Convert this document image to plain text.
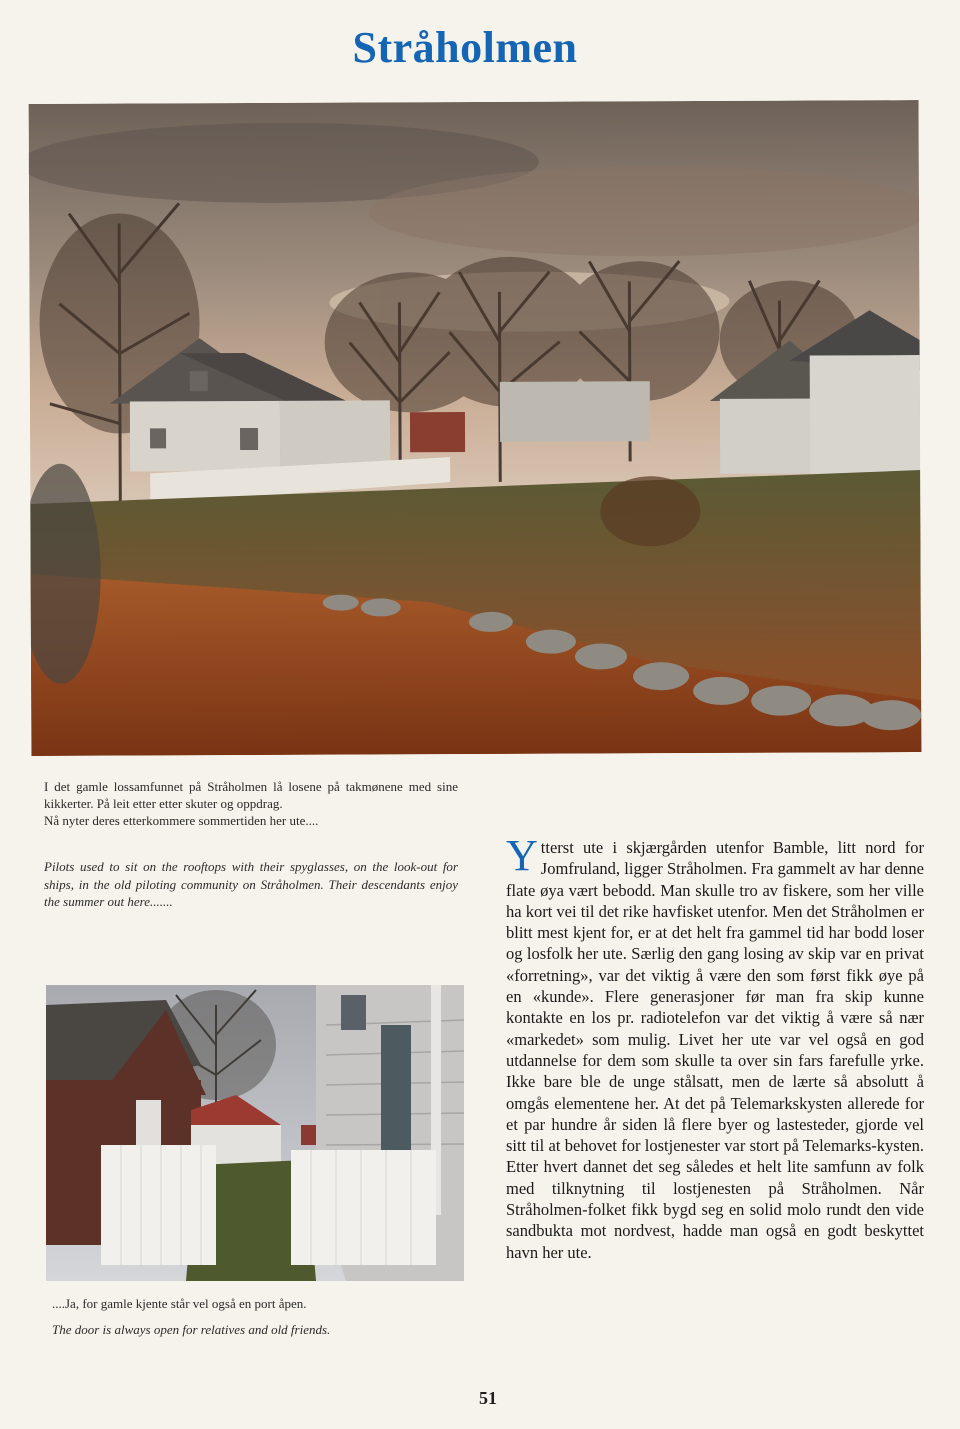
Stråholmen
I det gamle lossamfunnet på Stråholmen lå losene på takmønene med sine kikkerter. På leit etter etter skuter og oppdrag.
Nå nyter deres etterkommere sommertiden her ute....
Pilots used to sit on the rooftops with their spyglasses, on the look-out for ships, in the old piloting community on Stråholmen. Their descendants enjoy the summer out here.......
....Ja, for gamle kjente står vel også en port åpen.
The door is always open for relatives and old friends.
Ytterst ute i skjærgården utenfor Bamble, litt nord for Jomfruland, ligger Stråholmen. Fra gammelt av har denne flate øya vært bebodd. Man skulle tro av fiskere, som her ville ha kort vei til det rike havfisket utenfor. Men det Stråholmen er blitt mest kjent for, er at det helt fra gammel tid har bodd loser og losfolk her ute. Særlig den gang losing av skip var en privat «forretning», var det viktig å være den som først fikk øye på en «kunde». Flere generasjoner før man fra skip kunne kontakte en los pr. radiotelefon var det viktig å være så nær «markedet» som mulig. Livet her ute var vel også en god utdannelse for dem som skulle ta over sin fars farefulle yrke. Ikke bare ble de unge stålsatt, men de lærte så absolutt å omgås elementene her. At det på Telemarkskysten allerede for et par hundre år siden lå flere byer og lastesteder, gjorde vel sitt til at behovet for lostjenester var stort på Telemarks-kysten. Etter hvert dannet det seg således et helt lite samfunn av folk med tilknytning til lostjenesten på Stråholmen. Når Stråholmen-folket fikk bygd seg en solid molo rundt den vide sandbukta mot nordvest, hadde man også en godt beskyttet havn her ute.
51
